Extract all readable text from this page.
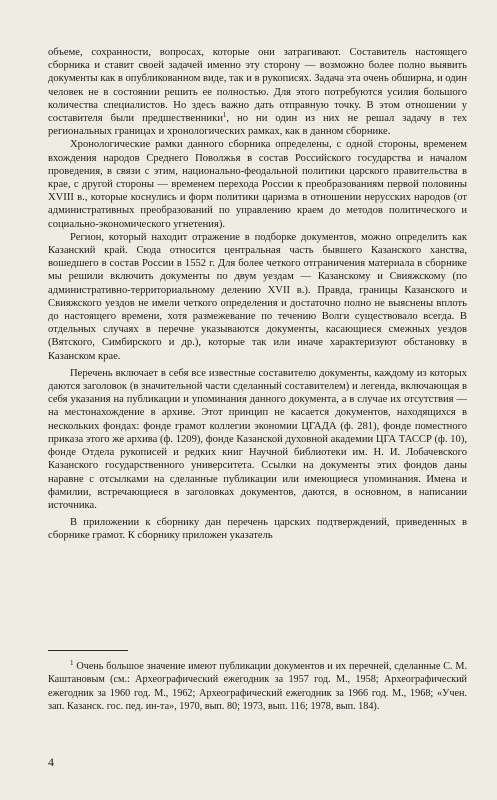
объеме, сохранности, вопросах, которые они затрагивают. Составитель настоящего сборника и ставит своей задачей именно эту сторону — возможно более полно выявить документы как в опубликованном виде, так и в рукописях. Задача эта очень обширна, и один человек не в состоянии решить ее полностью. Для этого потребуются усилия большого количества специалистов. Но здесь важно дать отправную точку. В этом отношении у составителя были предшественники$^1$, но ни один из них не решал задачу в тех региональных границах и хронологических рамках, как в данном сборнике.

Хронологические рамки данного сборника определены, с одной стороны, временем вхождения народов Среднего Поволжья в состав Российского государства и началом проведения, в связи с этим, национально-феодальной политики царского правительства в крае, с другой стороны — временем перехода России к преобразованиям первой половины XVIII в., которые коснулись и форм политики царизма в отношении нерусских народов (от административных преобразований по управлению краем до методов политического и социально-экономического угнетения).

Регион, который находит отражение в подборке документов, можно определить как Казанский край. Сюда относится центральная часть бывшего Казанского ханства, вошедшего в состав России в 1552 г. Для более четкого отграничения материала в сборнике мы решили включить документы по двум уездам — Казанскому и Свияжскому (по административно-территориальному делению XVII в.). Правда, границы Казанского и Свияжского уездов не имели четкого определения и достаточно полно не выяснены вплоть до настоящего времени, хотя размежевание по течению Волги существовало всегда. В отдельных случаях в перечне указываются документы, касающиеся смежных уездов (Вятского, Симбирского и др.), которые так или иначе характеризуют обстановку в Казанском крае.

Перечень включает в себя все известные составителю документы, каждому из которых даются заголовок (в значительной части сделанный составителем) и легенда, включающая в себя указания на публикации и упоминания данного документа, а в случае их отсутствия — на местонахождение в архиве. Этот принцип не касается документов, находящихся в нескольких фондах: фонде грамот коллегии экономии ЦГАДА (ф. 281), фонде поместного приказа этого же архива (ф. 1209), фонде Казанской духовной академии ЦГА ТАССР (ф. 10), фонде Отдела рукописей и редких книг Научной библиотеки им. Н. И. Лобачевского Казанского государственного университета. Ссылки на документы этих фондов даны наравне с отсылками на сделанные публикации или имеющиеся упоминания. Имена и фамилии, встречающиеся в заголовках документов, даются, в основном, в написании источника.

В приложении к сборнику дан перечень царских подтверждений, приведенных в сборнике грамот. К сборнику приложен указатель

$^1$ Очень большое значение имеют публикации документов и их перечней, сделанные С. М. Каштановым (см.: Археографический ежегодник за 1957 год. М., 1958; Археографический ежегодник за 1960 год. М., 1962; Археографический ежегодник за 1966 год. М., 1968; «Учен. зап. Казанск. гос. пед. ин-та», 1970, вып. 80; 1973, вып. 116; 1978, вып. 184).

4
